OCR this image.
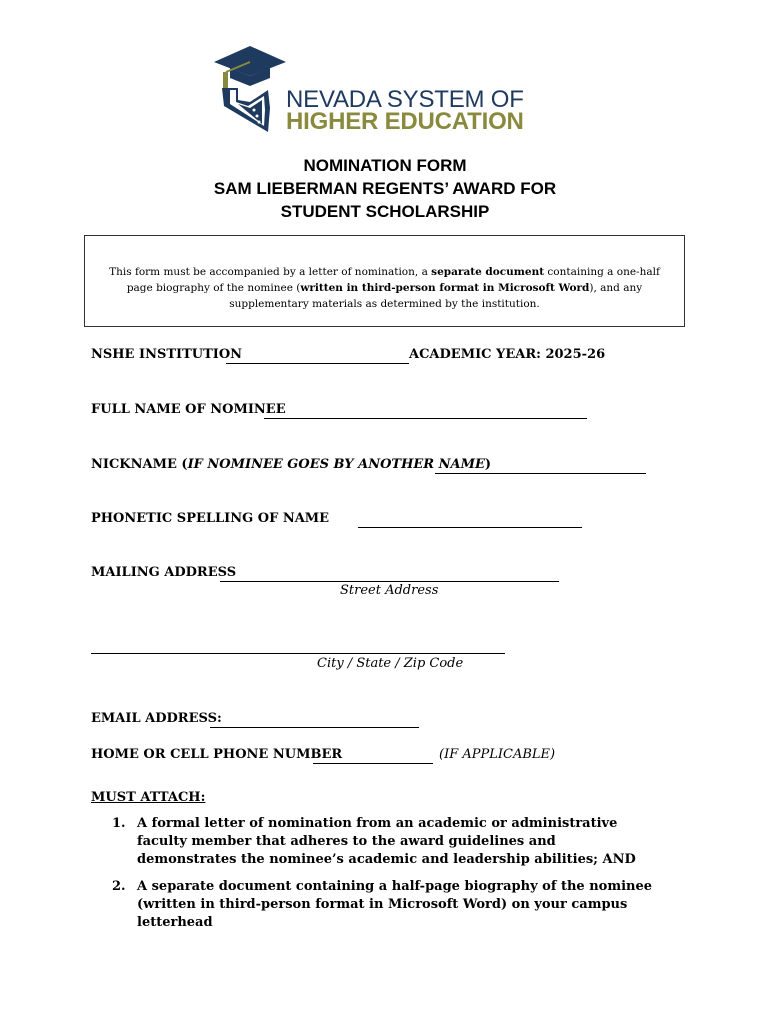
NEVADA SYSTEM OF
HIGHER EDUCATION
NOMINATION FORM
SAM LIEBERMAN REGENTS’ AWARD FOR
STUDENT SCHOLARSHIP
This form must be accompanied by a letter of nomination, a separate document containing a one-half page biography of the nominee (written in third-person format in Microsoft Word), and any supplementary materials as determined by the institution.
NSHE INSTITUTION	ACADEMIC YEAR: 2025-26
FULL NAME OF NOMINEE
NICKNAME (IF NOMINEE GOES BY ANOTHER NAME)
PHONETIC SPELLING OF NAME
MAILING ADDRESS
Street Address
City / State / Zip Code
EMAIL ADDRESS:
HOME OR CELL PHONE NUMBER	(IF APPLICABLE)
MUST ATTACH:
1. A formal letter of nomination from an academic or administrative faculty member that adheres to the award guidelines and demonstrates the nominee’s academic and leadership abilities; AND
2. A separate document containing a half-page biography of the nominee (written in third-person format in Microsoft Word) on your campus letterhead
